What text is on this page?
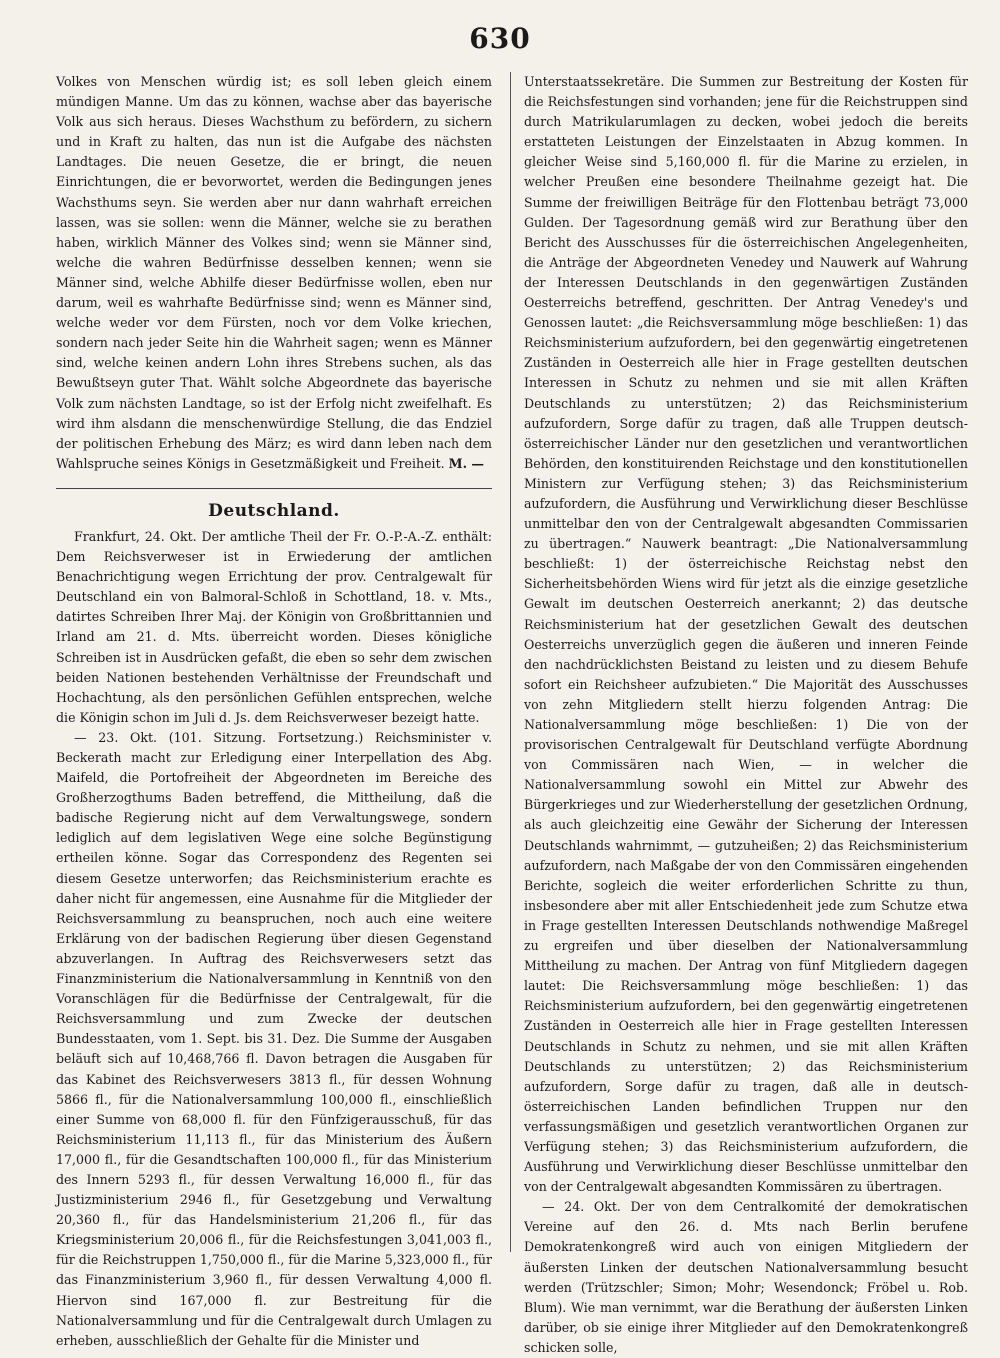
630

Volkes von Menschen würdig ist; es soll leben gleich einem mündigen Manne. Um das zu können, wachse aber das bayerische Volk aus sich heraus. Dieses Wachsthum zu befördern, zu sichern und in Kraft zu halten, das nun ist die Aufgabe des nächsten Landtages. Die neuen Gesetze, die er bringt, die neuen Einrichtungen, die er bevorwortet, werden die Bedingungen jenes Wachsthums seyn. Sie werden aber nur dann wahrhaft erreichen lassen, was sie sollen: wenn die Männer, welche sie zu berathen haben, wirklich Männer des Volkes sind; wenn sie Männer sind, welche die wahren Bedürfnisse desselben kennen; wenn sie Männer sind, welche Abhilfe dieser Bedürfnisse wollen, eben nur darum, weil es wahrhafte Bedürfnisse sind; wenn es Männer sind, welche weder vor dem Fürsten, noch vor dem Volke kriechen, sondern nach jeder Seite hin die Wahrheit sagen; wenn es Männer sind, welche keinen andern Lohn ihres Strebens suchen, als das Bewußtseyn guter That. Wählt solche Abgeordnete das bayerische Volk zum nächsten Landtage, so ist der Erfolg nicht zweifelhaft. Es wird ihm alsdann die menschenwürdige Stellung, die das Endziel der politischen Erhebung des März; es wird dann leben nach dem Wahlspruche seines Königs in Gesetzmäßigkeit und Freiheit. M. —

Deutschland.

Frankfurt, 24. Okt. Der amtliche Theil der Fr. O.-P.-A.-Z. enthält: Dem Reichsverweser ist in Erwiederung der amtlichen Benachrichtigung wegen Errichtung der prov. Centralgewalt für Deutschland ein von Balmoral-Schloß in Schottland, 18. v. Mts., datirtes Schreiben Ihrer Maj. der Königin von Großbrittannien und Irland am 21. d. Mts. überreicht worden. Dieses königliche Schreiben ist in Ausdrücken gefaßt, die eben so sehr dem zwischen beiden Nationen bestehenden Verhältnisse der Freundschaft und Hochachtung, als den persönlichen Gefühlen entsprechen, welche die Königin schon im Juli d. Js. dem Reichsverweser bezeigt hatte.

— 23. Okt. (101. Sitzung. Fortsetzung.) Reichsminister v. Beckerath macht zur Erledigung einer Interpellation des Abg. Maifeld, die Portofreiheit der Abgeordneten im Bereiche des Großherzogthums Baden betreffend, die Mittheilung, daß die badische Regierung nicht auf dem Verwaltungswege, sondern lediglich auf dem legislativen Wege eine solche Begünstigung ertheilen könne. Sogar das Correspondenz des Regenten sei diesem Gesetze unterworfen; das Reichsministerium erachte es daher nicht für angemessen, eine Ausnahme für die Mitglieder der Reichsversammlung zu beanspruchen, noch auch eine weitere Erklärung von der badischen Regierung über diesen Gegenstand abzuverlangen. In Auftrag des Reichsverwesers setzt das Finanzministerium die Nationalversammlung in Kenntniß von den Voranschlägen für die Bedürfnisse der Centralgewalt, für die Reichsversammlung und zum Zwecke der deutschen Bundesstaaten, vom 1. Sept. bis 31. Dez. Die Summe der Ausgaben beläuft sich auf 10,468,766 fl. Davon betragen die Ausgaben für das Kabinet des Reichsverwesers 3813 fl., für dessen Wohnung 5866 fl., für die Nationalversammlung 100,000 fl., einschließlich einer Summe von 68,000 fl. für den Fünfzigerausschuß, für das Reichsministerium 11,113 fl., für das Ministerium des Äußern 17,000 fl., für die Gesandtschaften 100,000 fl., für das Ministerium des Innern 5293 fl., für dessen Verwaltung 16,000 fl., für das Justizministerium 2946 fl., für Gesetzgebung und Verwaltung 20,360 fl., für das Handelsministerium 21,206 fl., für das Kriegsministerium 20,006 fl., für die Reichsfestungen 3,041,003 fl., für die Reichstruppen 1,750,000 fl., für die Marine 5,323,000 fl., für das Finanzministerium 3,960 fl., für dessen Verwaltung 4,000 fl. Hiervon sind 167,000 fl. zur Bestreitung für die Nationalversammlung und für die Centralgewalt durch Umlagen zu erheben, ausschließlich der Gehalte für die Minister und

Unterstaatssekretäre. Die Summen zur Bestreitung der Kosten für die Reichsfestungen sind vorhanden; jene für die Reichstruppen sind durch Matrikularumlagen zu decken, wobei jedoch die bereits erstatteten Leistungen der Einzelstaaten in Abzug kommen. In gleicher Weise sind 5,160,000 fl. für die Marine zu erzielen, in welcher Preußen eine besondere Theilnahme gezeigt hat. Die Summe der freiwilligen Beiträge für den Flottenbau beträgt 73,000 Gulden. Der Tagesordnung gemäß wird zur Berathung über den Bericht des Ausschusses für die österreichischen Angelegenheiten, die Anträge der Abgeordneten Venedey und Nauwerk auf Wahrung der Interessen Deutschlands in den gegenwärtigen Zuständen Oesterreichs betreffend, geschritten. Der Antrag Venedey's und Genossen lautet: „die Reichsversammlung möge beschließen: 1) das Reichsministerium aufzufordern, bei den gegenwärtig eingetretenen Zuständen in Oesterreich alle hier in Frage gestellten deutschen Interessen in Schutz zu nehmen und sie mit allen Kräften Deutschlands zu unterstützen; 2) das Reichsministerium aufzufordern, Sorge dafür zu tragen, daß alle Truppen deutsch-österreichischer Länder nur den gesetzlichen und verantwortlichen Behörden, den konstituirenden Reichstage und den konstitutionellen Ministern zur Verfügung stehen; 3) das Reichsministerium aufzufordern, die Ausführung und Verwirklichung dieser Beschlüsse unmittelbar den von der Centralgewalt abgesandten Commissarien zu übertragen.“ Nauwerk beantragt: „Die Nationalversammlung beschließt: 1) der österreichische Reichstag nebst den Sicherheitsbehörden Wiens wird für jetzt als die einzige gesetzliche Gewalt im deutschen Oesterreich anerkannt; 2) das deutsche Reichsministerium hat der gesetzlichen Gewalt des deutschen Oesterreichs unverzüglich gegen die äußeren und inneren Feinde den nachdrücklichsten Beistand zu leisten und zu diesem Behufe sofort ein Reichsheer aufzubieten.“ Die Majorität des Ausschusses von zehn Mitgliedern stellt hierzu folgenden Antrag: Die Nationalversammlung möge beschließen: 1) Die von der provisorischen Centralgewalt für Deutschland verfügte Abordnung von Commissären nach Wien, — in welcher die Nationalversammlung sowohl ein Mittel zur Abwehr des Bürgerkrieges und zur Wiederherstellung der gesetzlichen Ordnung, als auch gleichzeitig eine Gewähr der Sicherung der Interessen Deutschlands wahrnimmt, — gutzuheißen; 2) das Reichsministerium aufzufordern, nach Maßgabe der von den Commissären eingehenden Berichte, sogleich die weiter erforderlichen Schritte zu thun, insbesondere aber mit aller Entschiedenheit jede zum Schutze etwa in Frage gestellten Interessen Deutschlands nothwendige Maßregel zu ergreifen und über dieselben der Nationalversammlung Mittheilung zu machen. Der Antrag von fünf Mitgliedern dagegen lautet: Die Reichsversammlung möge beschließen: 1) das Reichsministerium aufzufordern, bei den gegenwärtig eingetretenen Zuständen in Oesterreich alle hier in Frage gestellten Interessen Deutschlands in Schutz zu nehmen, und sie mit allen Kräften Deutschlands zu unterstützen; 2) das Reichsministerium aufzufordern, Sorge dafür zu tragen, daß alle in deutsch-österreichischen Landen befindlichen Truppen nur den verfassungsmäßigen und gesetzlich verantwortlichen Organen zur Verfügung stehen; 3) das Reichsministerium aufzufordern, die Ausführung und Verwirklichung dieser Beschlüsse unmittelbar den von der Centralgewalt abgesandten Kommissären zu übertragen.

— 24. Okt. Der von dem Centralkomité der demokratischen Vereine auf den 26. d. Mts nach Berlin berufene Demokratenkongreß wird auch von einigen Mitgliedern der äußersten Linken der deutschen Nationalversammlung besucht werden (Trützschler; Simon; Mohr; Wesendonck; Fröbel u. Rob. Blum). Wie man vernimmt, war die Berathung der äußersten Linken darüber, ob sie einige ihrer Mitglieder auf den Demokratenkongreß schicken solle,
